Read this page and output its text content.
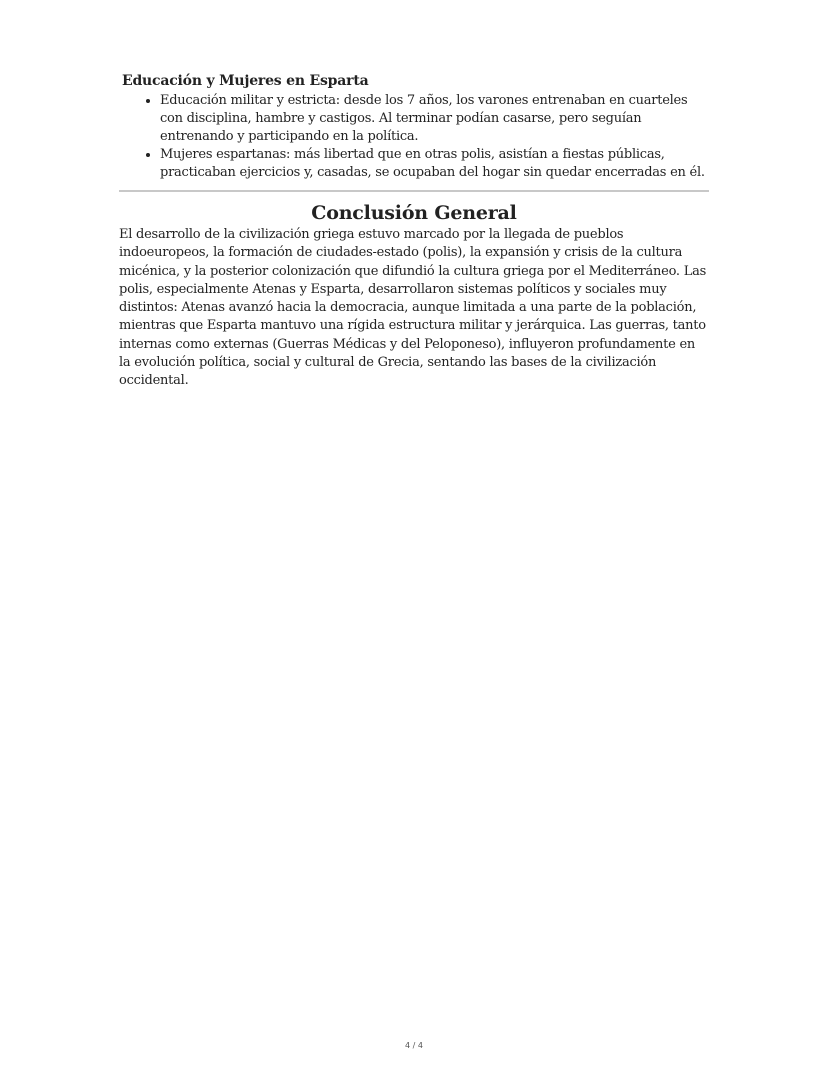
Educación y Mujeres en Esparta
• Educación militar y estricta: desde los 7 años, los varones entrenaban en cuarteles con disciplina, hambre y castigos. Al terminar podían casarse, pero seguían entrenando y participando en la política.
• Mujeres espartanas: más libertad que en otras polis, asistían a fiestas públicas, practicaban ejercicios y, casadas, se ocupaban del hogar sin quedar encerradas en él.
Conclusión General

El desarrollo de la civilización griega estuvo marcado por la llegada de pueblos indoeuropeos, la formación de ciudades-estado (polis), la expansión y crisis de la cultura micénica, y la posterior colonización que difundió la cultura griega por el Mediterráneo. Las polis, especialmente Atenas y Esparta, desarrollaron sistemas políticos y sociales muy distintos: Atenas avanzó hacia la democracia, aunque limitada a una parte de la población, mientras que Esparta mantuvo una rígida estructura militar y jerárquica. Las guerras, tanto internas como externas (Guerras Médicas y del Peloponeso), influyeron profundamente en la evolución política, social y cultural de Grecia, sentando las bases de la civilización occidental.

4 / 4
